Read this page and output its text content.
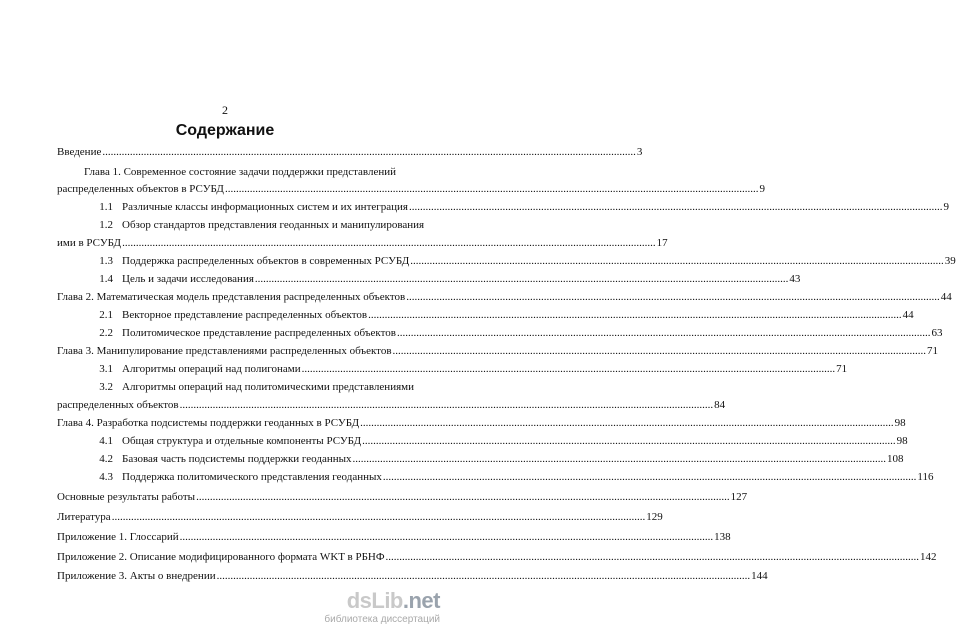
2
Содержание
Введение .....	3
Глава 1. Современное состояние задачи поддержки представлений
распределенных объектов в РСУБД .....	9
1.1 Различные классы информационных систем и их интеграция .....	9
1.2 Обзор стандартов представления геоданных и манипулирования
ими в РСУБД .....	17
1.3 Поддержка распределенных объектов в современных РСУБД .....	39
1.4 Цель и задачи исследования .....	43
Глава 2. Математическая модель представления распределенных объектов .....	44
2.1 Векторное представление распределенных объектов .....	44
2.2 Политомическое представление распределенных объектов .....	63
Глава 3. Манипулирование представлениями распределенных объектов .....	71
3.1 Алгоритмы операций над полигонами .....	71
3.2 Алгоритмы операций над политомическими представлениями
распределенных объектов .....	84
Глава 4. Разработка подсистемы поддержки геоданных в РСУБД .....	98
4.1 Общая структура и отдельные компоненты РСУБД .....	98
4.2 Базовая часть подсистемы поддержки геоданных .....	108
4.3 Поддержка политомического представления геоданных .....	116
Основные результаты работы .....	127
Литература .....	129
Приложение 1. Глоссарий .....	138
Приложение 2. Описание модифицированного формата WKT в РБНФ .....	142
Приложение 3. Акты о внедрении .....	144
dsLib.net
библиотека диссертаций
